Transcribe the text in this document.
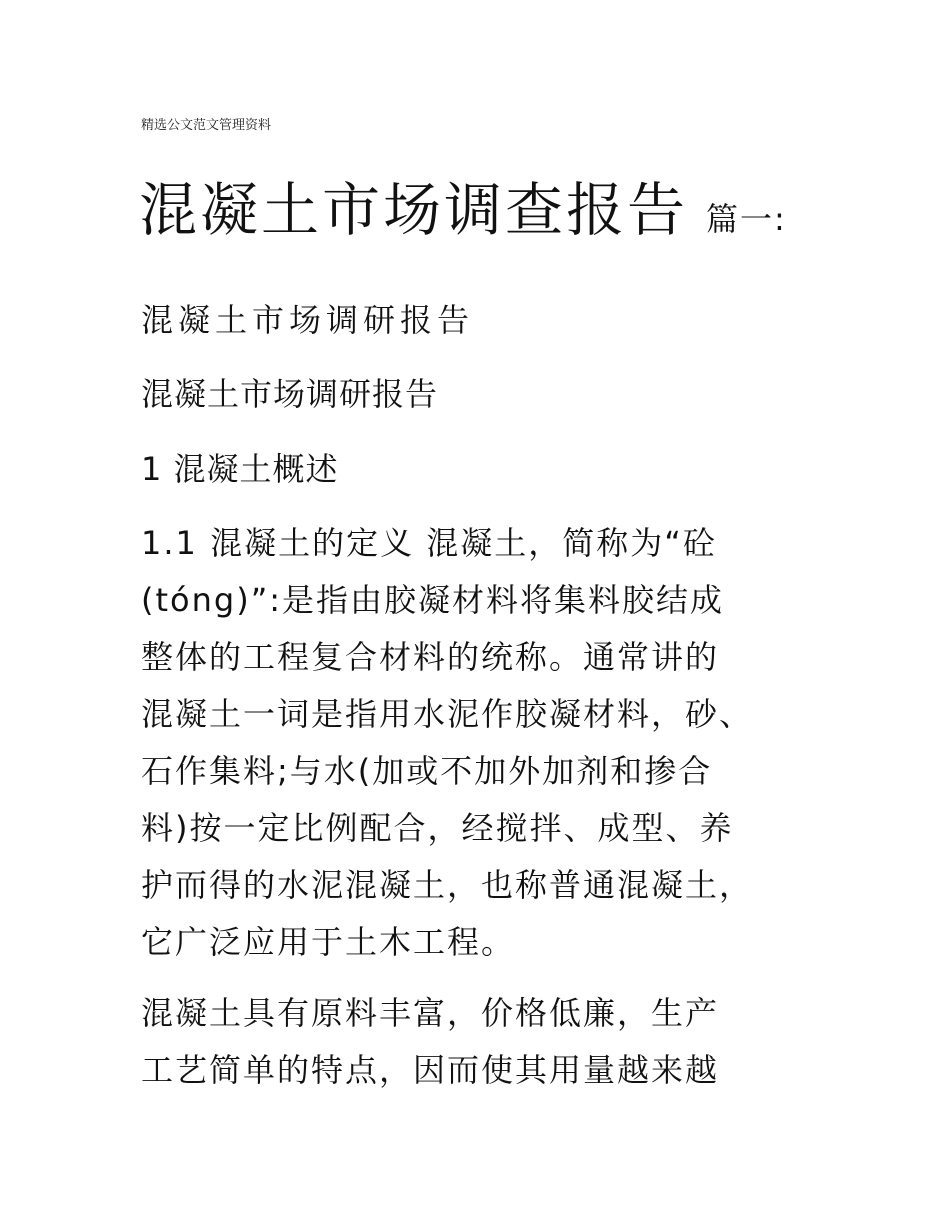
精选公文范文管理资料
混凝土市场调查报告 篇一:
混凝土市场调研报告
混凝土市场调研报告
1 混凝土概述
1.1 混凝土的定义 混凝土，简称为“砼
(tóng)”:是指由胶凝材料将集料胶结成
整体的工程复合材料的统称。通常讲的
混凝土一词是指用水泥作胶凝材料，砂、
石作集料;与水(加或不加外加剂和掺合
料)按一定比例配合，经搅拌、成型、养
护而得的水泥混凝土，也称普通混凝土，
它广泛应用于土木工程。
混凝土具有原料丰富，价格低廉，生产
工艺简单的特点，因而使其用量越来越
